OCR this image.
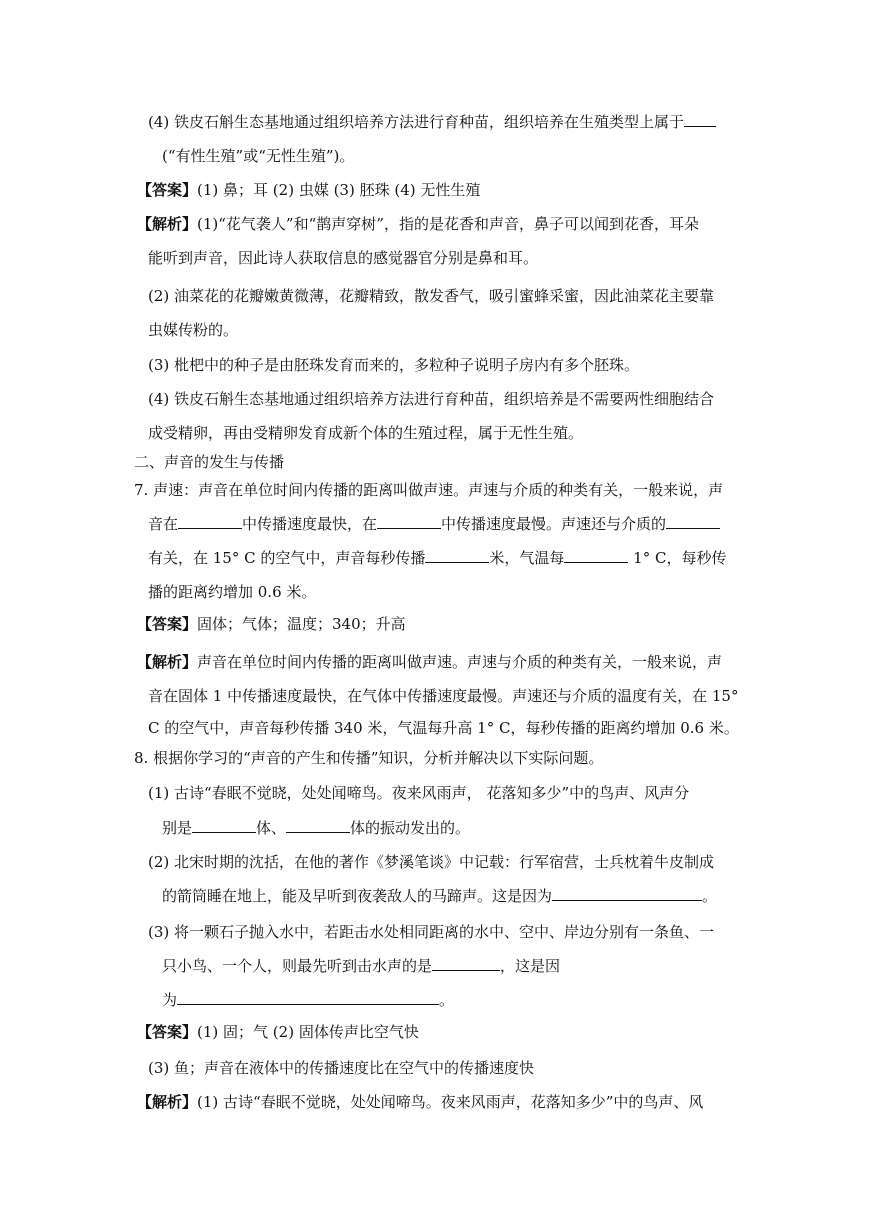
(4) 铁皮石斛生态基地通过组织培养方法进行育种苗，组织培养在生殖类型上属于
(“有性生殖”或“无性生殖”)。
【答案】(1) 鼻；耳 (2) 虫媒 (3) 胚珠 (4) 无性生殖
【解析】(1)“花气袭人”和“鹊声穿树”，指的是花香和声音，鼻子可以闻到花香，耳朵
能听到声音，因此诗人获取信息的感觉器官分别是鼻和耳。
(2) 油菜花的花瓣嫩黄微薄，花瓣精致，散发香气，吸引蜜蜂采蜜，因此油菜花主要靠
虫媒传粉的。
(3) 枇杷中的种子是由胚珠发育而来的，多粒种子说明子房内有多个胚珠。
(4) 铁皮石斛生态基地通过组织培养方法进行育种苗，组织培养是不需要两性细胞结合
成受精卵，再由受精卵发育成新个体的生殖过程，属于无性生殖。
二、声音的发生与传播
7. 声速：声音在单位时间内传播的距离叫做声速。声速与介质的种类有关，一般来说，声
音在	中传播速度最快，在	中传播速度最慢。声速还与介质的
有关，在 15° C 的空气中，声音每秒传播	米，气温每	1° C，每秒传
播的距离约增加 0.6 米。
【答案】固体；气体；温度；340；升高
【解析】声音在单位时间内传播的距离叫做声速。声速与介质的种类有关，一般来说，声
音在固体 1 中传播速度最快，在气体中传播速度最慢。声速还与介质的温度有关，在 15°
C 的空气中，声音每秒传播 340 米，气温每升高 1° C，每秒传播的距离约增加 0.6 米。
8. 根据你学习的“声音的产生和传播”知识，分析并解决以下实际问题。
(1) 古诗“春眠不觉晓，处处闻啼鸟。夜来风雨声， 花落知多少”中的鸟声、风声分
别是	体、	体的振动发出的。
(2) 北宋时期的沈括，在他的著作《梦溪笔谈》中记载：行军宿营，士兵枕着牛皮制成
的箭筒睡在地上，能及早听到夜袭敌人的马蹄声。这是因为	。
(3) 将一颗石子抛入水中，若距击水处相同距离的水中、空中、岸边分别有一条鱼、一
只小鸟、一个人，则最先听到击水声的是	，这是因
为	。
【答案】(1) 固；气 (2) 固体传声比空气快
(3) 鱼；声音在液体中的传播速度比在空气中的传播速度快
【解析】(1) 古诗“春眠不觉晓，处处闻啼鸟。夜来风雨声，花落知多少”中的鸟声、风
